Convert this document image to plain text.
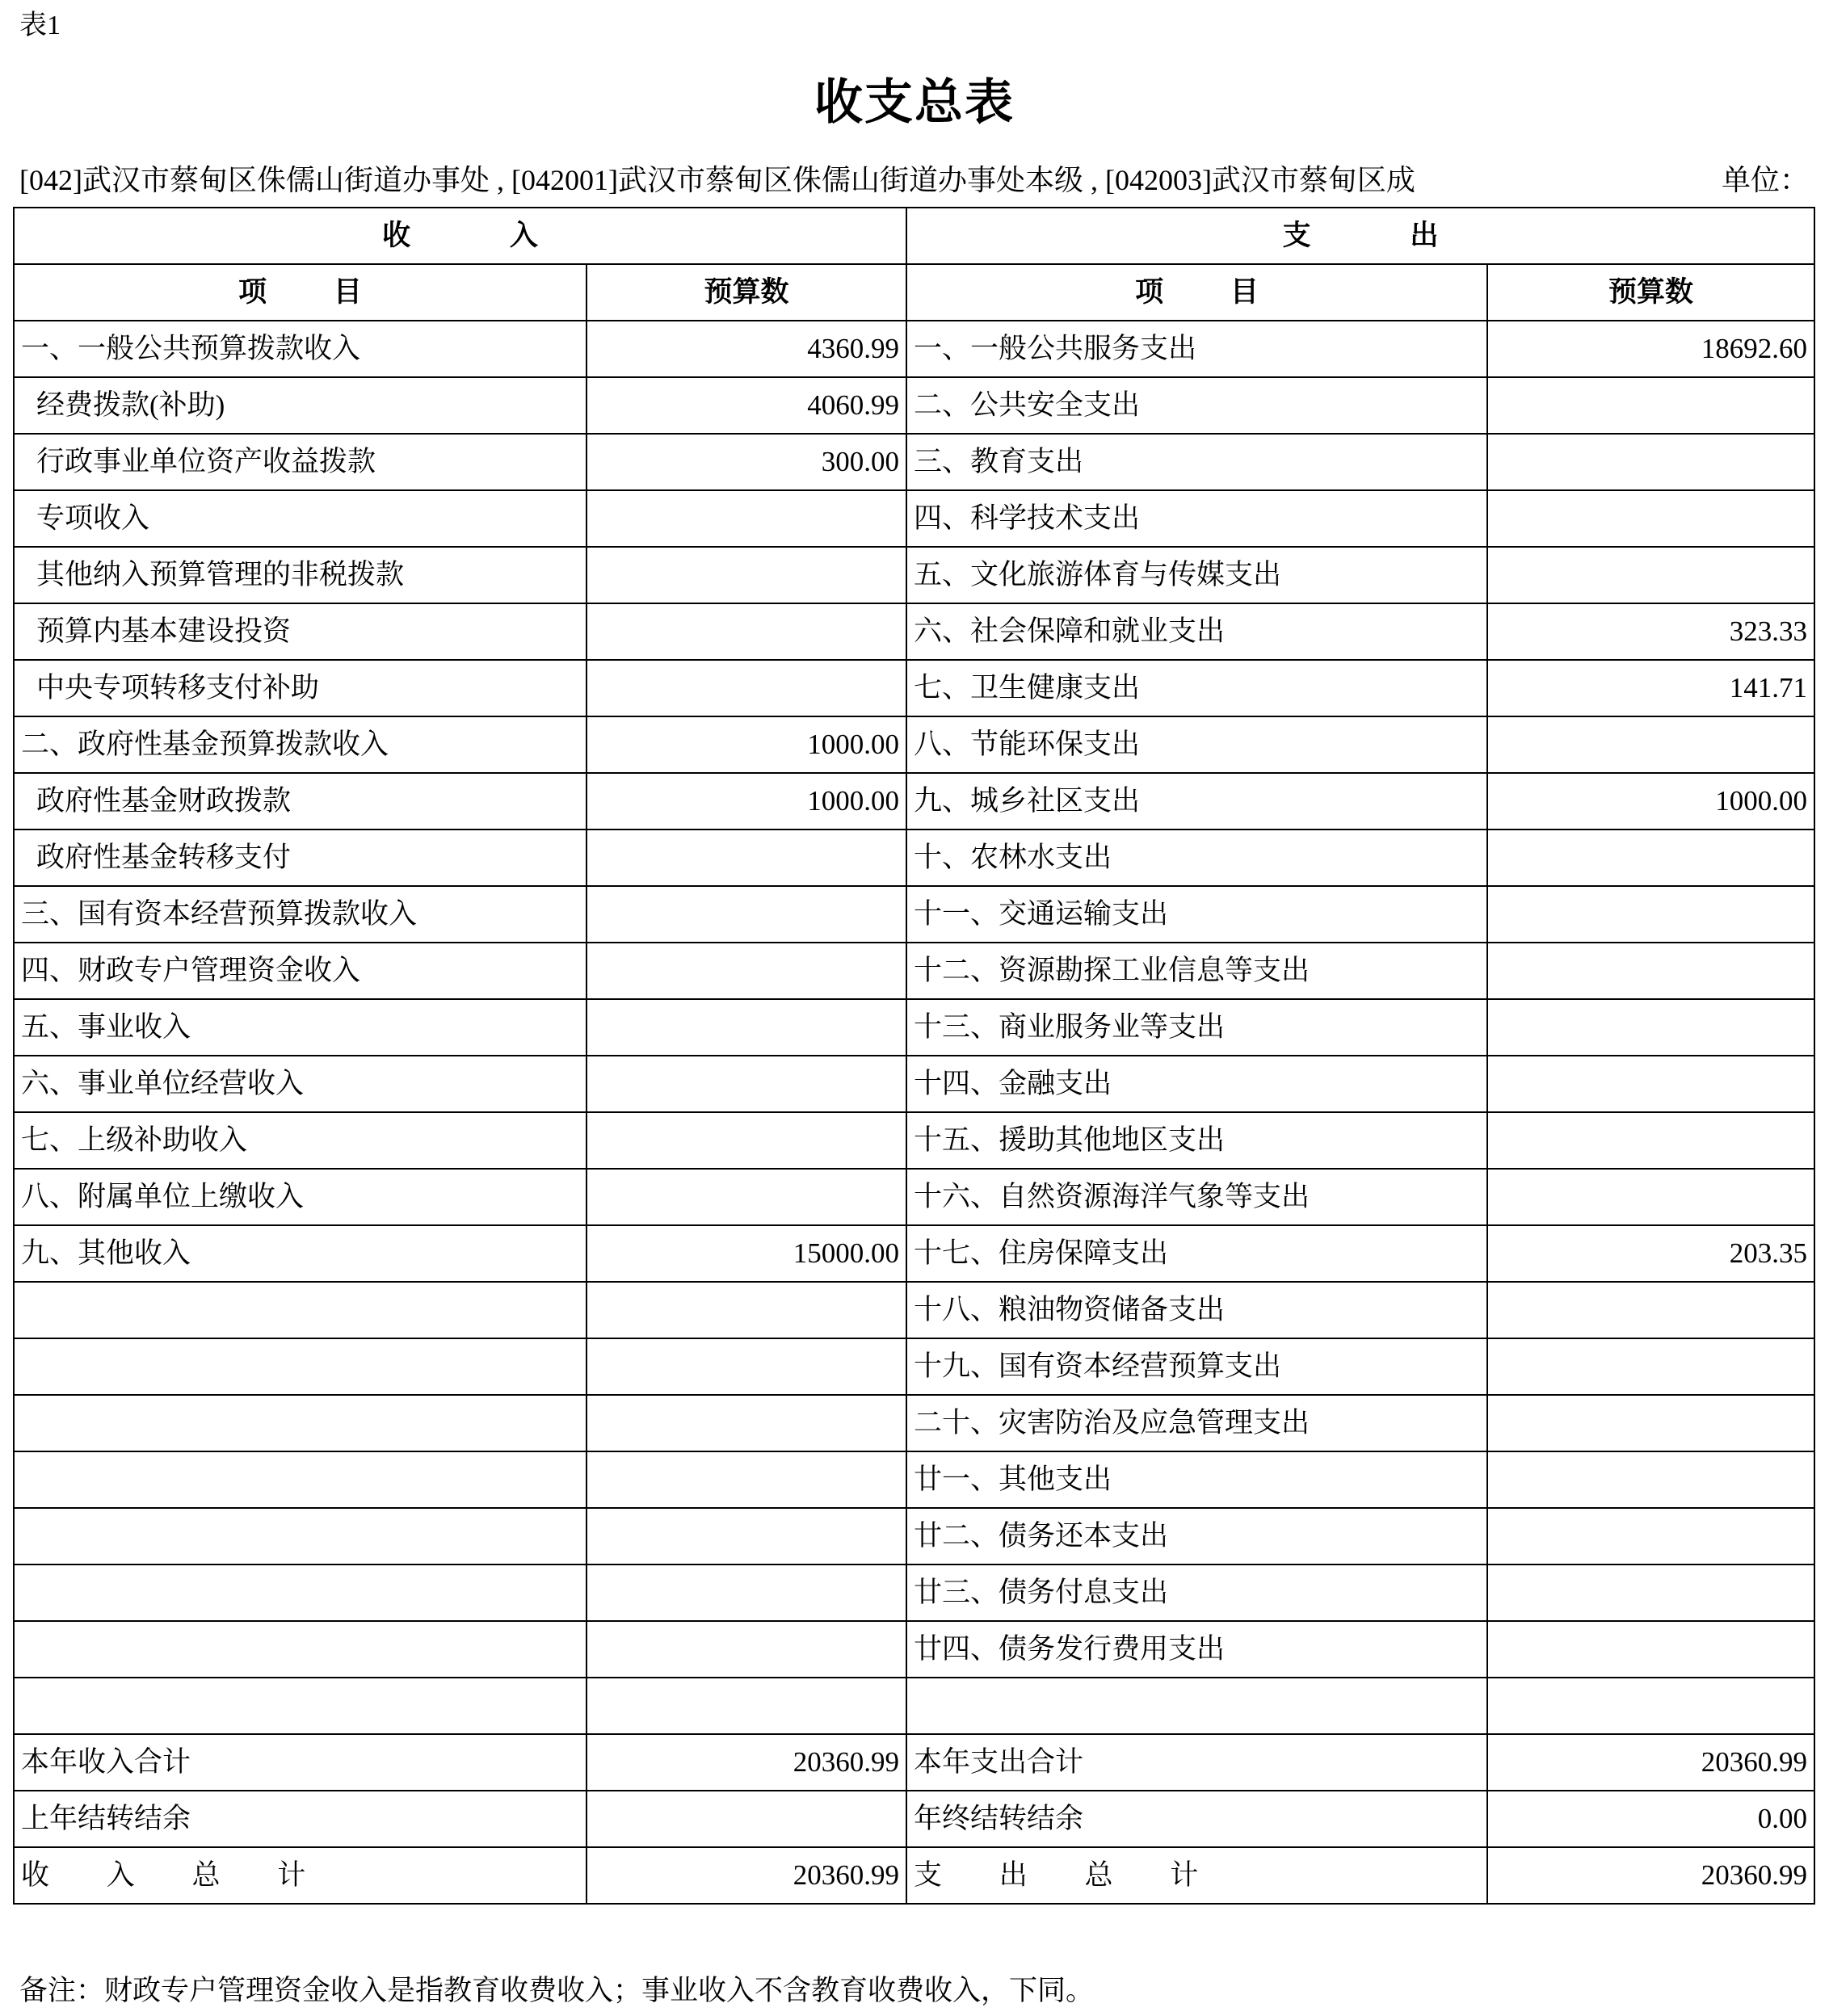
表1
收支总表
[042]武汉市蔡甸区侏儒山街道办事处 , [042001]武汉市蔡甸区侏儒山街道办事处本级 , [042003]武汉市蔡甸区成	单位：
收 入		支 出	
项 目	预算数	项 目	预算数
一、一般公共预算拨款收入	4360.99	一、一般公共服务支出	18692.60
经费拨款(补助)	4060.99	二、公共安全支出	
行政事业单位资产收益拨款	300.00	三、教育支出	
专项收入		四、科学技术支出	
其他纳入预算管理的非税拨款		五、文化旅游体育与传媒支出	
预算内基本建设投资		六、社会保障和就业支出	323.33
中央专项转移支付补助		七、卫生健康支出	141.71
二、政府性基金预算拨款收入	1000.00	八、节能环保支出	
政府性基金财政拨款	1000.00	九、城乡社区支出	1000.00
政府性基金转移支付		十、农林水支出	
三、国有资本经营预算拨款收入		十一、交通运输支出	
四、财政专户管理资金收入		十二、资源勘探工业信息等支出	
五、事业收入		十三、商业服务业等支出	
六、事业单位经营收入		十四、金融支出	
七、上级补助收入		十五、援助其他地区支出	
八、附属单位上缴收入		十六、自然资源海洋气象等支出	
九、其他收入	15000.00	十七、住房保障支出	203.35
		十八、粮油物资储备支出	
		十九、国有资本经营预算支出	
		二十、灾害防治及应急管理支出	
		廿一、其他支出	
		廿二、债务还本支出	
		廿三、债务付息支出	
		廿四、债务发行费用支出	

本年收入合计	20360.99	本年支出合计	20360.99
上年结转结余		年终结转结余	0.00
收 入 总 计	20360.99	支 出 总 计	20360.99
备注：财政专户管理资金收入是指教育收费收入；事业收入不含教育收费收入，下同。
